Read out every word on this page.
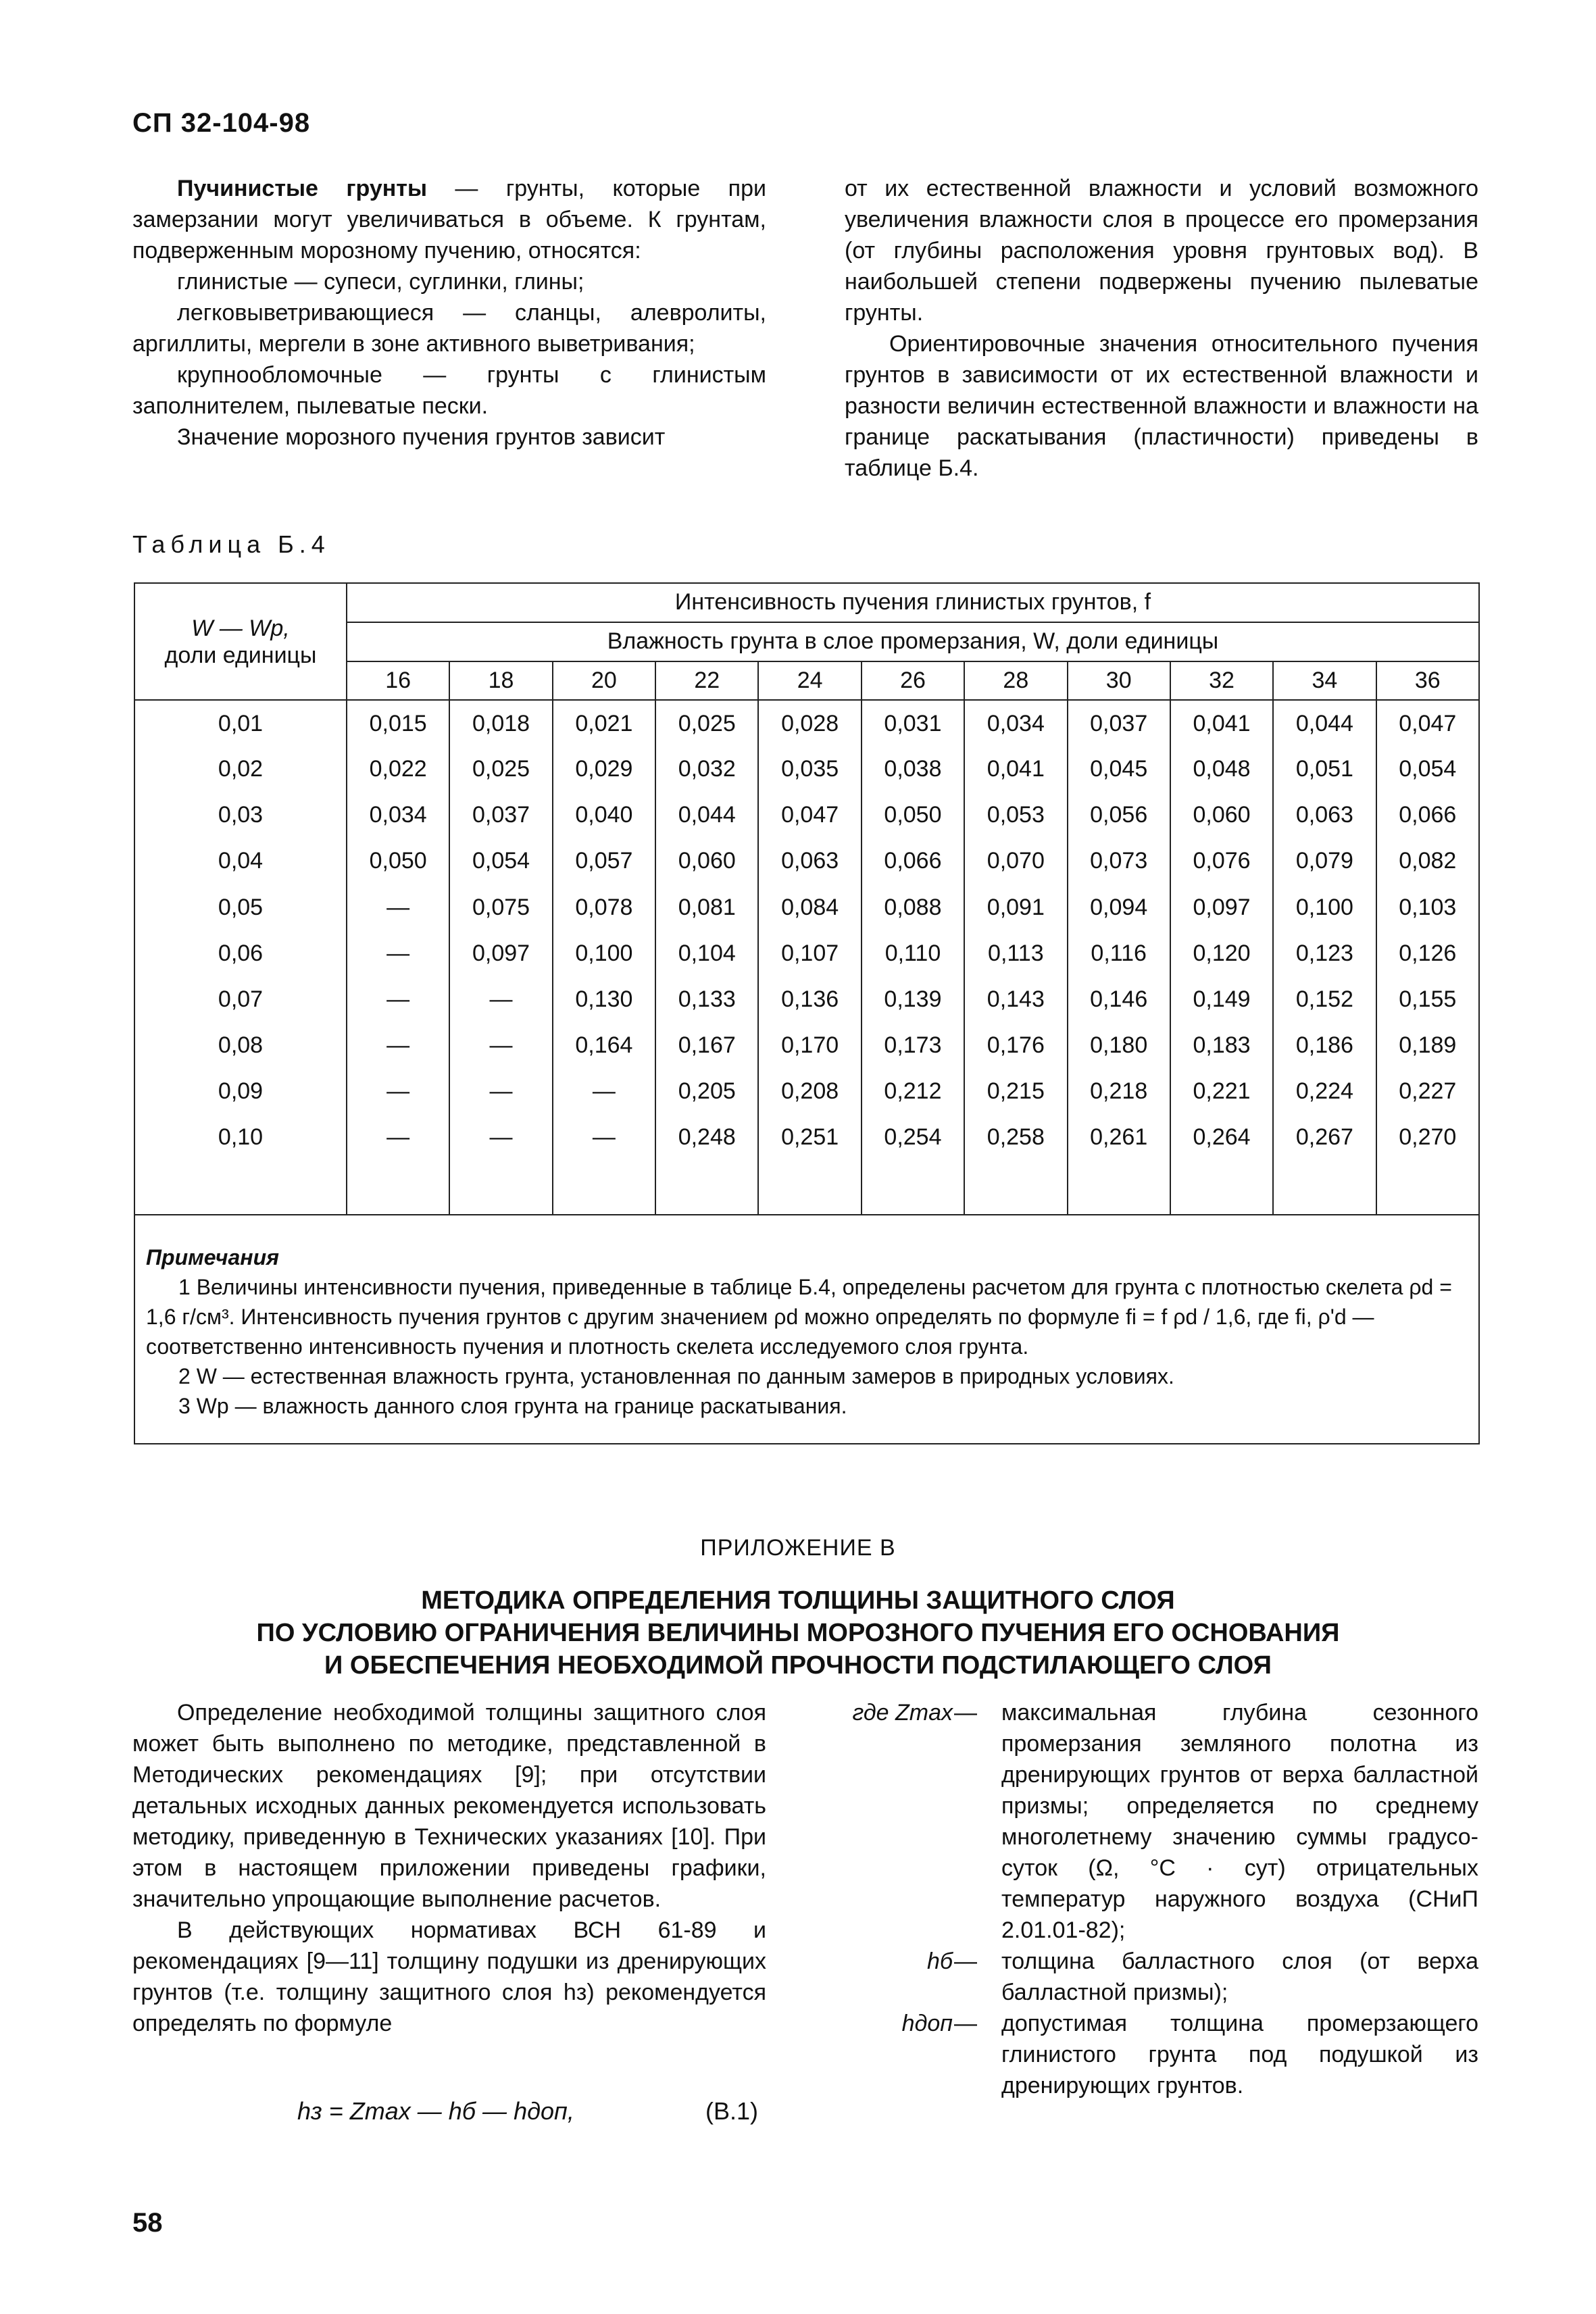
СП 32-104-98

Пучинистые грунты — грунты, которые при замерзании могут увеличиваться в объеме. К грунтам, подверженным морозному пучению, относятся:

глинистые — супеси, суглинки, глины;

легковыветривающиеся — сланцы, алевролиты, аргиллиты, мергели в зоне активного выветривания;

крупнообломочные — грунты с глинистым заполнителем, пылеватые пески.

Значение морозного пучения грунтов зависит

от их естественной влажности и условий возможного увеличения влажности слоя в процессе его промерзания (от глубины расположения уровня грунтовых вод). В наибольшей степени подвержены пучению пылеватые грунты.

Ориентировочные значения относительного пучения грунтов в зависимости от их естественной влажности и разности величин естественной влажности и влажности на границе раскатывания (пластичности) приведены в таблице Б.4.

Таблица Б.4
W — Wp,
доли единицы	Интенсивность пучения глинистых грунтов, f										
	Влажность грунта в слое промерзания, W, доли единицы										
	16	18	20	22	24	26	28	30	32	34	36
0,01	0,015	0,018	0,021	0,025	0,028	0,031	0,034	0,037	0,041	0,044	0,047
0,02	0,022	0,025	0,029	0,032	0,035	0,038	0,041	0,045	0,048	0,051	0,054
0,03	0,034	0,037	0,040	0,044	0,047	0,050	0,053	0,056	0,060	0,063	0,066
0,04	0,050	0,054	0,057	0,060	0,063	0,066	0,070	0,073	0,076	0,079	0,082
0,05	—	0,075	0,078	0,081	0,084	0,088	0,091	0,094	0,097	0,100	0,103
0,06	—	0,097	0,100	0,104	0,107	0,110	0,113	0,116	0,120	0,123	0,126
0,07	—	—	0,130	0,133	0,136	0,139	0,143	0,146	0,149	0,152	0,155
0,08	—	—	0,164	0,167	0,170	0,173	0,176	0,180	0,183	0,186	0,189
0,09	—	—	—	0,205	0,208	0,212	0,215	0,218	0,221	0,224	0,227
0,10	—	—	—	0,248	0,251	0,254	0,258	0,261	0,264	0,267	0,270

Примечания
1 Величины интенсивности пучения, приведенные в таблице Б.4, определены расчетом для грунта с плотностью скелета ρd = 1,6 г/см³. Интенсивность пучения грунтов с другим значением ρd можно определять по формуле fi = f ρd / 1,6, где fi, ρ'd — соответственно интенсивность пучения и плотность скелета исследуемого слоя грунта.
2 W — естественная влажность грунта, установленная по данным замеров в природных условиях.
3 Wp — влажность данного слоя грунта на границе раскатывания.											
ПРИЛОЖЕНИЕ В
МЕТОДИКА ОПРЕДЕЛЕНИЯ ТОЛЩИНЫ ЗАЩИТНОГО СЛОЯ
ПО УСЛОВИЮ ОГРАНИЧЕНИЯ ВЕЛИЧИНЫ МОРОЗНОГО ПУЧЕНИЯ ЕГО ОСНОВАНИЯ
И ОБЕСПЕЧЕНИЯ НЕОБХОДИМОЙ ПРОЧНОСТИ ПОДСТИЛАЮЩЕГО СЛОЯ

Определение необходимой толщины защитного слоя может быть выполнено по методике, представленной в Методических рекомендациях [9]; при отсутствии детальных исходных данных рекомендуется использовать методику, приведенную в Технических указаниях [10]. При этом в настоящем приложении приведены графики, значительно упрощающие выполнение расчетов.

В действующих нормативах ВСН 61-89 и рекомендациях [9—11] толщину подушки из дренирующих грунтов (т.е. толщину защитного слоя hз) рекомендуется определять по формуле

hз = Zmax — hб — hдоп,	(В.1)
где Zmax — максимальная глубина сезонного промерзания земляного полотна из дренирующих грунтов от верха балластной призмы; определяется по среднему многолетнему значению суммы градусо-суток (Ω, °С · сут) отрицательных температур наружного воздуха (СНиП 2.01.01-82);
hб — толщина балластного слоя (от верха балластной призмы);
hдоп — допустимая толщина промерзающего глинистого грунта под подушкой из дренирующих грунтов.
58
